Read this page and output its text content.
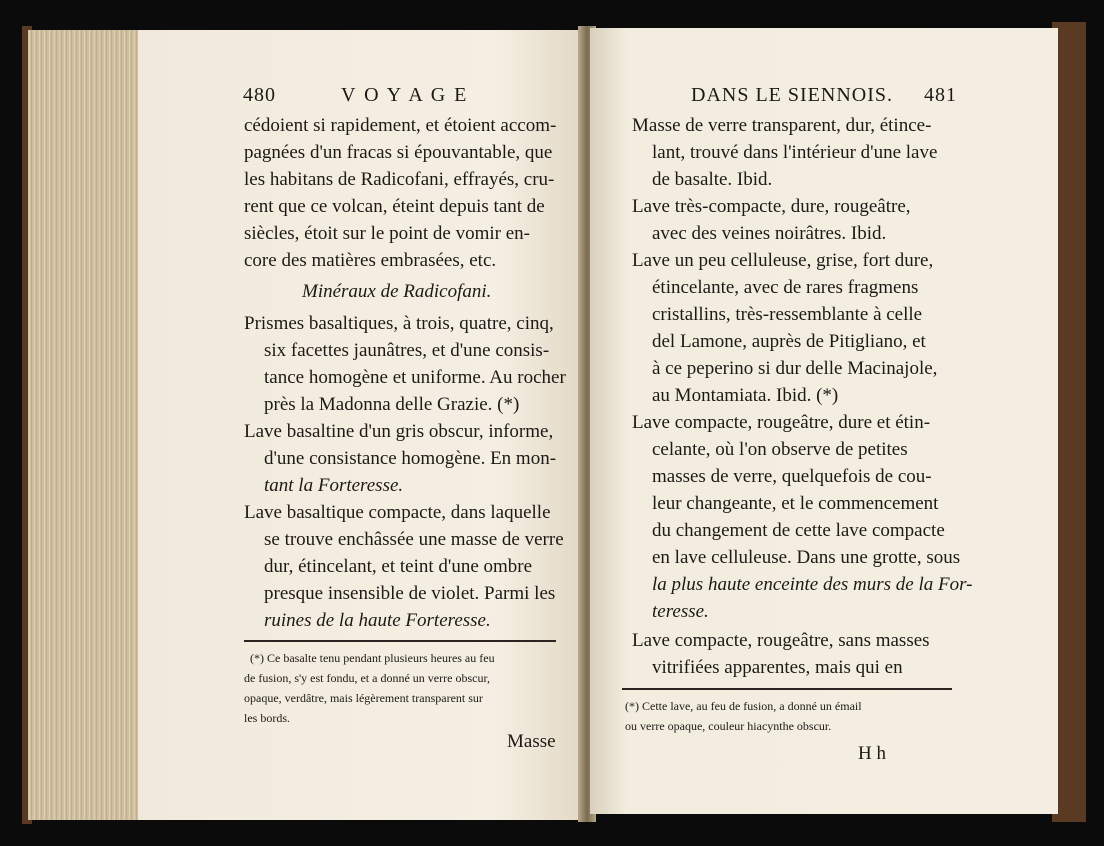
480	V O Y A G E
cédoient si rapidement, et étoient accom-
pagnées d'un fracas si épouvantable, que
les habitans de Radicofani, effrayés, cru-
rent que ce volcan, éteint depuis tant de
siècles, étoit sur le point de vomir en-
core des matières embrasées, etc.
Minéraux de Radicofani.
Prismes basaltiques, à trois, quatre, cinq,
six facettes jaunâtres, et d'une consis-
tance homogène et uniforme. Au rocher
près la Madonna delle Grazie. (*)
Lave basaltine d'un gris obscur, informe,
d'une consistance homogène. En mon-
tant la Forteresse.
Lave basaltique compacte, dans laquelle
se trouve enchâssée une masse de verre
dur, étincelant, et teint d'une ombre
presque insensible de violet. Parmi les
ruines de la haute Forteresse.
(*) Ce basalte tenu pendant plusieurs heures au feu
de fusion, s'y est fondu, et a donné un verre obscur,
opaque, verdâtre, mais légèrement transparent sur
les bords.
Masse
DANS LE SIENNOIS. 481
Masse de verre transparent, dur, étince-
lant, trouvé dans l'intérieur d'une lave
de basalte. Ibid.
Lave très-compacte, dure, rougeâtre,
avec des veines noirâtres. Ibid.
Lave un peu celluleuse, grise, fort dure,
étincelante, avec de rares fragmens
cristallins, très-ressemblante à celle
del Lamone, auprès de Pitigliano, et
à ce peperino si dur delle Macinajole,
au Montamiata. Ibid. (*)
Lave compacte, rougeâtre, dure et étin-
celante, où l'on observe de petites
masses de verre, quelquefois de cou-
leur changeante, et le commencement
du changement de cette lave compacte
en lave celluleuse. Dans une grotte, sous
la plus haute enceinte des murs de la For-
teresse.
Lave compacte, rougeâtre, sans masses
vitrifiées apparentes, mais qui en
(*) Cette lave, au feu de fusion, a donné un émail
ou verre opaque, couleur hiacynthe obscur.
H h
